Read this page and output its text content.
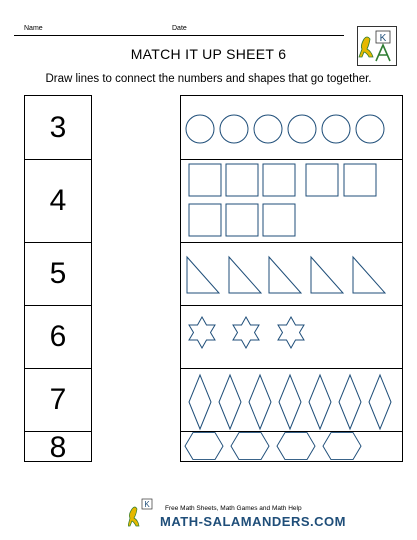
Name	Date
K
MATCH IT UP SHEET 6
Draw lines to connect the numbers and shapes that go together.
3
4
5
6
7
8
K Free Math Sheets, Math Games and Math Help
MATH-SALAMANDERS.COM
